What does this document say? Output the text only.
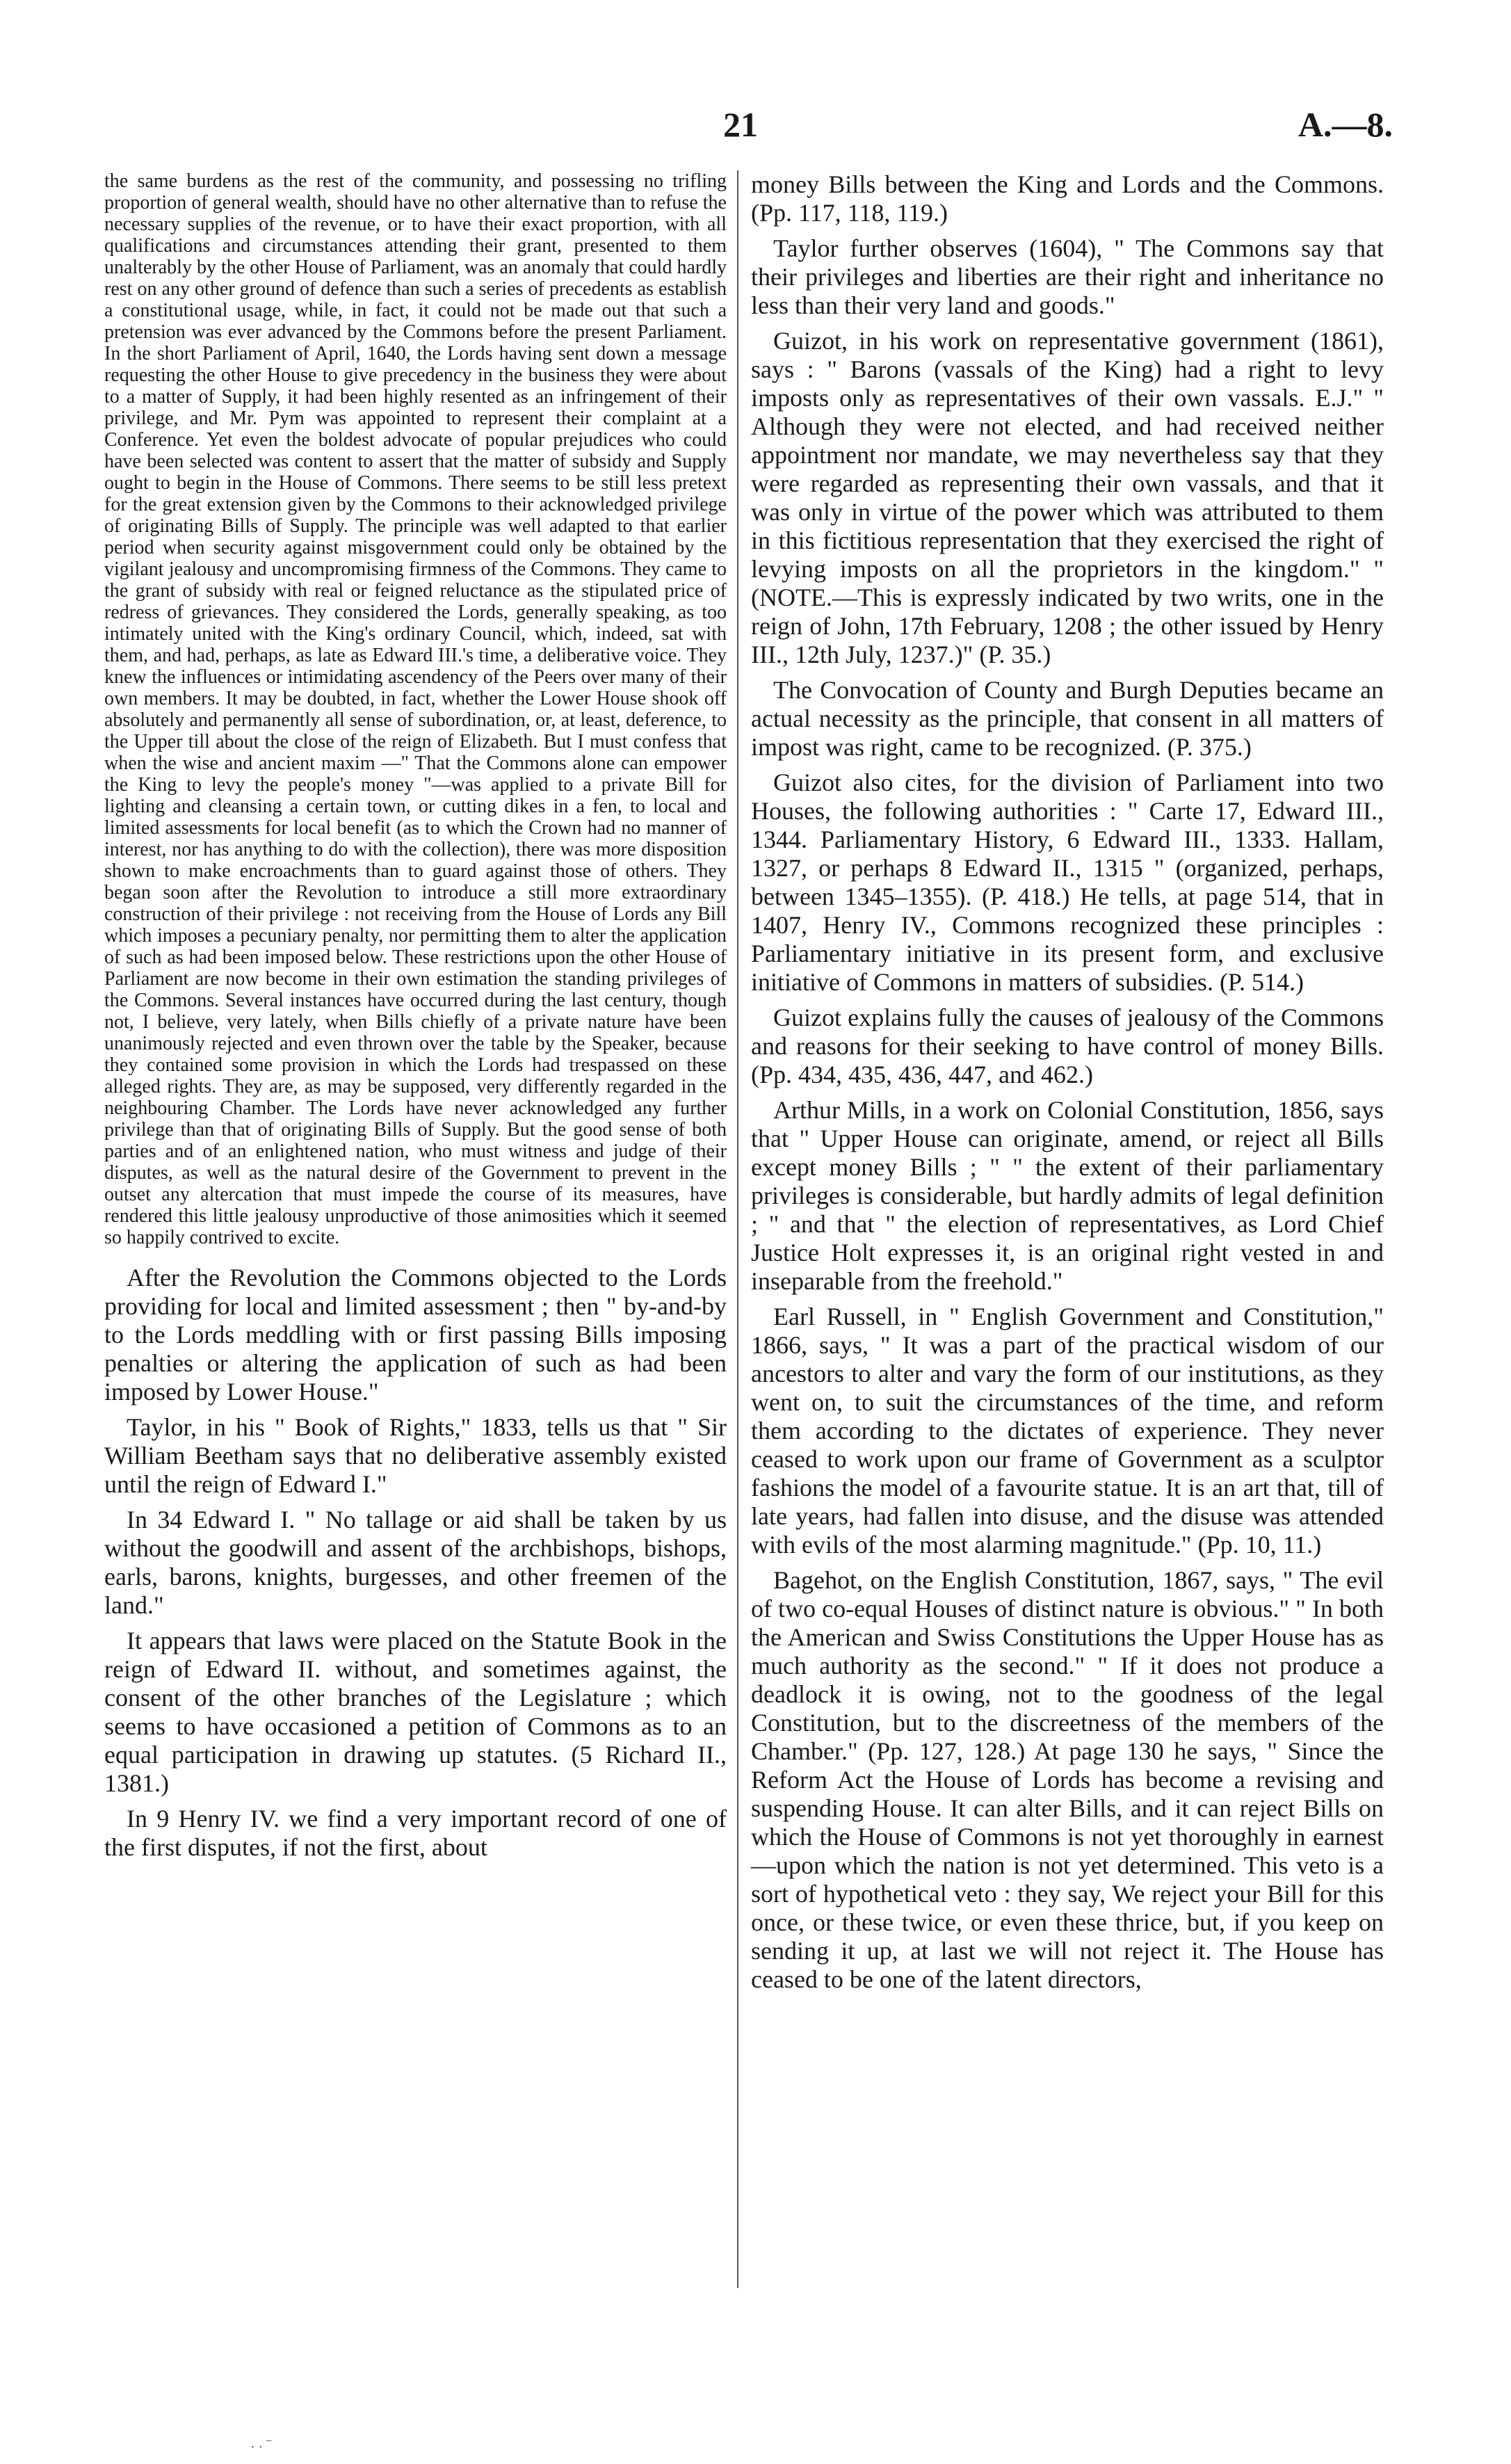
21	A.—8.

the same burdens as the rest of the community, and possessing no trifling proportion of general wealth, should have no other alternative than to refuse the necessary supplies of the revenue, or to have their exact proportion, with all qualifications and circumstances attending their grant, presented to them unalterably by the other House of Parliament, was an anomaly that could hardly rest on any other ground of defence than such a series of precedents as establish a constitutional usage, while, in fact, it could not be made out that such a pretension was ever advanced by the Commons before the present Parliament. In the short Parliament of April, 1640, the Lords having sent down a message requesting the other House to give precedency in the business they were about to a matter of Supply, it had been highly resented as an infringement of their privilege, and Mr. Pym was appointed to represent their complaint at a Conference. Yet even the boldest advocate of popular prejudices who could have been selected was content to assert that the matter of subsidy and Supply ought to begin in the House of Commons. There seems to be still less pretext for the great extension given by the Commons to their acknowledged privilege of originating Bills of Supply. The principle was well adapted to that earlier period when security against misgovernment could only be obtained by the vigilant jealousy and uncompromising firmness of the Commons. They came to the grant of subsidy with real or feigned reluctance as the stipulated price of redress of grievances. They considered the Lords, generally speaking, as too intimately united with the King's ordinary Council, which, indeed, sat with them, and had, perhaps, as late as Edward III.'s time, a deliberative voice. They knew the influences or intimidating ascendency of the Peers over many of their own members. It may be doubted, in fact, whether the Lower House shook off absolutely and permanently all sense of subordination, or, at least, deference, to the Upper till about the close of the reign of Elizabeth. But I must confess that when the wise and ancient maxim —" That the Commons alone can empower the King to levy the people's money "—was applied to a private Bill for lighting and cleansing a certain town, or cutting dikes in a fen, to local and limited assessments for local benefit (as to which the Crown had no manner of interest, nor has anything to do with the collection), there was more disposition shown to make encroachments than to guard against those of others. They began soon after the Revolution to introduce a still more extraordinary construction of their privilege : not receiving from the House of Lords any Bill which imposes a pecuniary penalty, nor permitting them to alter the application of such as had been imposed below. These restrictions upon the other House of Parliament are now become in their own estimation the standing privileges of the Commons. Several instances have occurred during the last century, though not, I believe, very lately, when Bills chiefly of a private nature have been unanimously rejected and even thrown over the table by the Speaker, because they contained some provision in which the Lords had trespassed on these alleged rights. They are, as may be supposed, very differently regarded in the neighbouring Chamber. The Lords have never acknowledged any further privilege than that of originating Bills of Supply. But the good sense of both parties and of an enlightened nation, who must witness and judge of their disputes, as well as the natural desire of the Government to prevent in the outset any altercation that must impede the course of its measures, have rendered this little jealousy unproductive of those animosities which it seemed so happily contrived to excite.

After the Revolution the Commons objected to the Lords providing for local and limited assessment ; then " by-and-by to the Lords meddling with or first passing Bills imposing penalties or altering the application of such as had been imposed by Lower House."

Taylor, in his " Book of Rights," 1833, tells us that " Sir William Beetham says that no deliberative assembly existed until the reign of Edward I."

In 34 Edward I. " No tallage or aid shall be taken by us without the goodwill and assent of the archbishops, bishops, earls, barons, knights, burgesses, and other freemen of the land."

It appears that laws were placed on the Statute Book in the reign of Edward II. without, and sometimes against, the consent of the other branches of the Legislature ; which seems to have occasioned a petition of Commons as to an equal participation in drawing up statutes. (5 Richard II., 1381.)

In 9 Henry IV. we find a very important record of one of the first disputes, if not the first, about

money Bills between the King and Lords and the Commons. (Pp. 117, 118, 119.)

Taylor further observes (1604), " The Commons say that their privileges and liberties are their right and inheritance no less than their very land and goods."

Guizot, in his work on representative government (1861), says : " Barons (vassals of the King) had a right to levy imposts only as representatives of their own vassals. E.J." " Although they were not elected, and had received neither appointment nor mandate, we may nevertheless say that they were regarded as representing their own vassals, and that it was only in virtue of the power which was attributed to them in this fictitious representation that they exercised the right of levying imposts on all the proprietors in the kingdom." " (NOTE.—This is expressly indicated by two writs, one in the reign of John, 17th February, 1208 ; the other issued by Henry III., 12th July, 1237.)" (P. 35.)

The Convocation of County and Burgh Deputies became an actual necessity as the principle, that consent in all matters of impost was right, came to be recognized. (P. 375.)

Guizot also cites, for the division of Parliament into two Houses, the following authorities : " Carte 17, Edward III., 1344. Parliamentary History, 6 Edward III., 1333. Hallam, 1327, or perhaps 8 Edward II., 1315 " (organized, perhaps, between 1345–1355). (P. 418.) He tells, at page 514, that in 1407, Henry IV., Commons recognized these principles : Parliamentary initiative in its present form, and exclusive initiative of Commons in matters of subsidies. (P. 514.)

Guizot explains fully the causes of jealousy of the Commons and reasons for their seeking to have control of money Bills. (Pp. 434, 435, 436, 447, and 462.)

Arthur Mills, in a work on Colonial Constitution, 1856, says that " Upper House can originate, amend, or reject all Bills except money Bills ; " " the extent of their parliamentary privileges is considerable, but hardly admits of legal definition ; " and that " the election of representatives, as Lord Chief Justice Holt expresses it, is an original right vested in and inseparable from the freehold."

Earl Russell, in " English Government and Constitution," 1866, says, " It was a part of the practical wisdom of our ancestors to alter and vary the form of our institutions, as they went on, to suit the circumstances of the time, and reform them according to the dictates of experience. They never ceased to work upon our frame of Government as a sculptor fashions the model of a favourite statue. It is an art that, till of late years, had fallen into disuse, and the disuse was attended with evils of the most alarming magnitude." (Pp. 10, 11.)

Bagehot, on the English Constitution, 1867, says, " The evil of two co-equal Houses of distinct nature is obvious." " In both the American and Swiss Constitutions the Upper House has as much authority as the second." " If it does not produce a deadlock it is owing, not to the goodness of the legal Constitution, but to the discreetness of the members of the Chamber." (Pp. 127, 128.) At page 130 he says, " Since the Reform Act the House of Lords has become a revising and suspending House. It can alter Bills, and it can reject Bills on which the House of Commons is not yet thoroughly in earnest—upon which the nation is not yet determined. This veto is a sort of hypothetical veto : they say, We reject your Bill for this once, or these twice, or even these thrice, but, if you keep on sending it up, at last we will not reject it. The House has ceased to be one of the latent directors,

· · ‾
